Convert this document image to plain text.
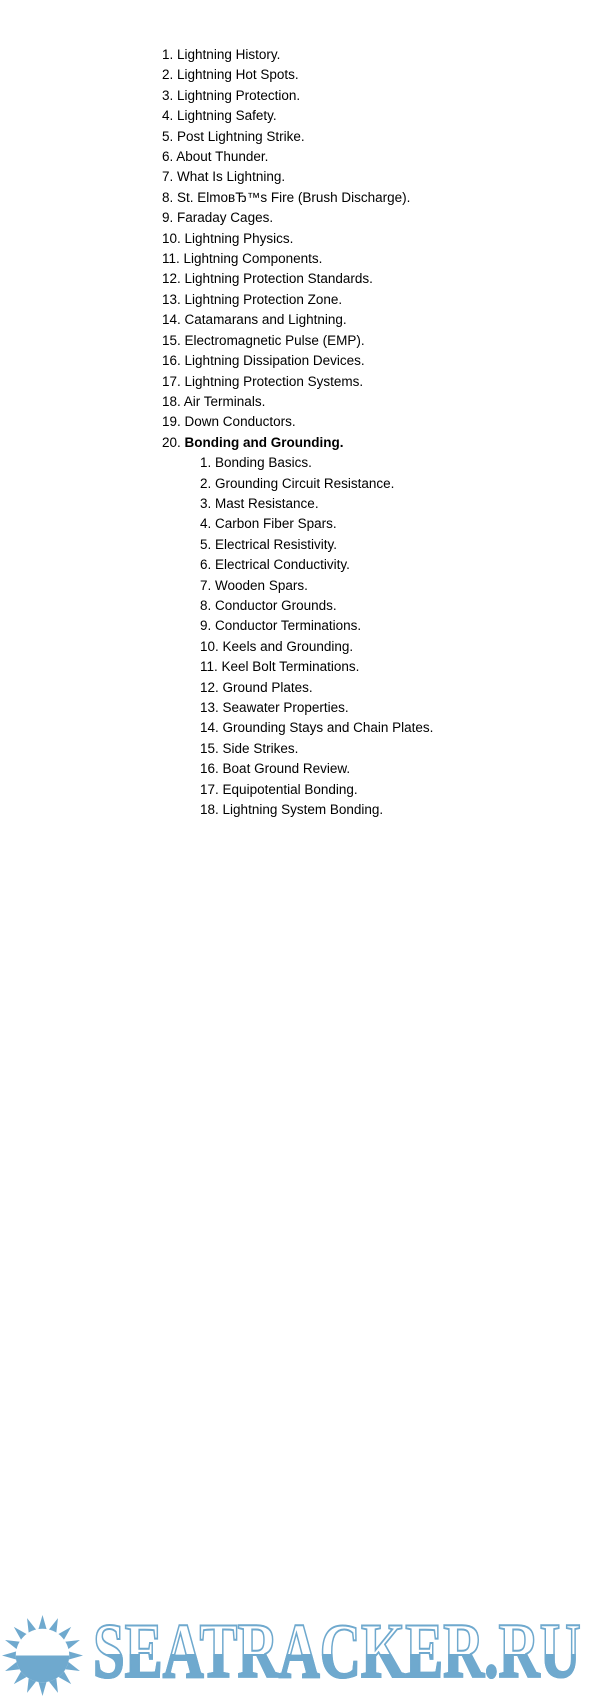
1. Lightning History.
2. Lightning Hot Spots.
3. Lightning Protection.
4. Lightning Safety.
5. Post Lightning Strike.
6. About Thunder.
7. What Is Lightning.
8. St. ElmoвЂ™s Fire (Brush Discharge).
9. Faraday Cages.
10. Lightning Physics.
11. Lightning Components.
12. Lightning Protection Standards.
13. Lightning Protection Zone.
14. Catamarans and Lightning.
15. Electromagnetic Pulse (EMP).
16. Lightning Dissipation Devices.
17. Lightning Protection Systems.
18. Air Terminals.
19. Down Conductors.
20. Bonding and Grounding.
1. Bonding Basics.
2. Grounding Circuit Resistance.
3. Mast Resistance.
4. Carbon Fiber Spars.
5. Electrical Resistivity.
6. Electrical Conductivity.
7. Wooden Spars.
8. Conductor Grounds.
9. Conductor Terminations.
10. Keels and Grounding.
11. Keel Bolt Terminations.
12. Ground Plates.
13. Seawater Properties.
14. Grounding Stays and Chain Plates.
15. Side Strikes.
16. Boat Ground Review.
17. Equipotential Bonding.
18. Lightning System Bonding.
SEATRACKER.RU
